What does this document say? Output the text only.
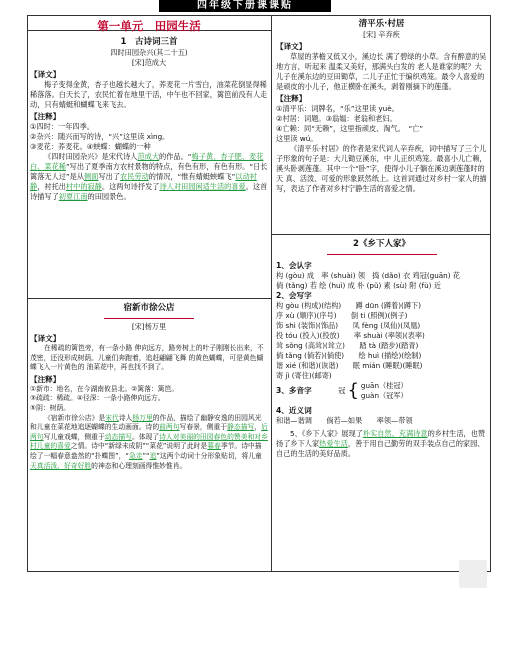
四年级下册课课贴
第一单元　田园生活
1　古诗词三首
四时田园杂兴(其二十五)
[宋]范成大
【译文】
梅子变得金黄，杏子也越长越大了，荞麦花一片雪白，油菜花倒显得稀稀落落。白天长了，农民忙着在地里干活，中午也不回家，篱笆前没有人走动，只有蜻蜓和蝴蝶飞来飞去。
【注释】
①四时：一年四季。
②杂兴：随兴而写的诗，“兴”这里读 xìng。
③麦花：荞麦花。④蛱蝶：蝴蝶的一种
《四时田园杂兴》是宋代诗人范成大的作品。“梅子黄、杏子肥、麦花白、菜花稀”写出了夏季南方农村景物的特点，有色有形，有色有形。“日长篱落无人过”是从侧面写出了农民劳动的情况，“惟有蜻蜓蛱蝶飞”以动衬静，衬托出村中的寂静。这两句诗抒发了诗人对田园闲适生活的喜爱。这首诗描写了初夏江南的田园景色。
宿新市徐公店
[宋]杨万里
【译文】
在稀疏的篱笆旁，有一条小路 伸向远方，路旁树上的叶子刚刚长出来，不茂密，还没形成树荫。儿童们奔跑着，追赶翩翩飞舞 的黄色蝴蝶，可是黄色蝴蝶飞入一片黄色的 油菜花中，再也找不到了。
【注释】
①新市：地名，在今湖南攸县北。②篱落：篱笆。
③疏疏：稀疏。④径深：一条小路伸向远方。
⑤阴：树荫。
《宿新市徐公店》是宋代诗人杨万里的作品，描绘了幽静安逸的田园风光和儿童在菜花地追逐蝴蝶的生动画面。诗的前两句写春景，侧重于静态描写，后两句写儿童戏蝶，侧重于动态描写。体现了诗人对美丽的田园春色的赞美和对乡村儿童的喜爱之情。诗中“新绿未成阴”“菜花”说明了此时是暮春季节。诗中描绘了一幅春意盎然的“扑蝶图”，“急走”“追”这两个动词十分形象贴切，将儿童天真活泼、好奇好胜的神态和心理刻画得惟妙惟肖。
清平乐·村居
[宋] 辛弃疾
【译文】
草屋的茅檐又低又小，溪边长 满了碧绿的小草。含有醉意的吴地方言，听起来 温柔又美好，那满头白发的 老人是谁家的呢？大儿子在溪东边的豆田锄草，二儿子正忙于编织鸡笼。最令人喜爱的是顽皮的小儿子，他正横卧在溪头，剥着刚摘下的莲蓬。
【注释】
①清平乐：词牌名，“乐”这里读 yuè。
②村居：词题。③翁媪：老翁和老妇。
④亡赖：同“无赖”，这里指顽皮、淘气。　“亡”
这里读 wú。
《清平乐·村居》的作者是宋代词人辛弃疾，词中描写了三个儿子形象的句子是：大儿锄豆溪东，中 儿正织鸡笼。最喜小儿亡赖，溪头卧剥莲蓬。其中一个“卧”字，使得小儿子躺在溪边剥莲蓬时的天 真、活泼、可爱的形象跃然纸上。这首词通过对乡村一家人的描写，表达了作者对乡村宁静生活的喜爱之情。
2《乡下人家》
1、会认字
构 (gòu) 成　率 (shuài) 领　捣 (dǎo) 衣 鸡冠(guān) 花
倘 (tǎng) 若 绘 (huì) 成 朴 (pǔ) 素 (sù) 附 (fù) 近
2、会写字
构 gòu (构成)(结构)　　蹲 dūn (蹲着)(蹲下)
序 xù (顺序)(序号)　　倒 ti (照例)(例子)
饰 shì (装饰)(饰品)　　凤 fèng (凤仙)(凤凰)
投 tóu (投入)(投放)　　率 shuài (率领)(表率)
耸 sǒng (高耸)(耸立)　　踏 tà (踏步)(踏青)
倘 tǎng (倘若)(倘使)　　绘 huì (描绘)(绘制)
谐 xié (和谐)(诙谐)　　眠 mián (睡眠)(睡眠)
寄 jì (寄住)(邮寄)
3、多音字	冠 { guān（桂冠）
guàn（冠军）
4、近义词
和谐—谐调　　倘若—如果　　率领—带领
5、《乡下人家》展现了朴实自然、充满诗意的乡村生活，也赞扬了乡下人家热爱生活，善于用自己勤劳的双手装点自己的家园、自己的生活的美好品质。
